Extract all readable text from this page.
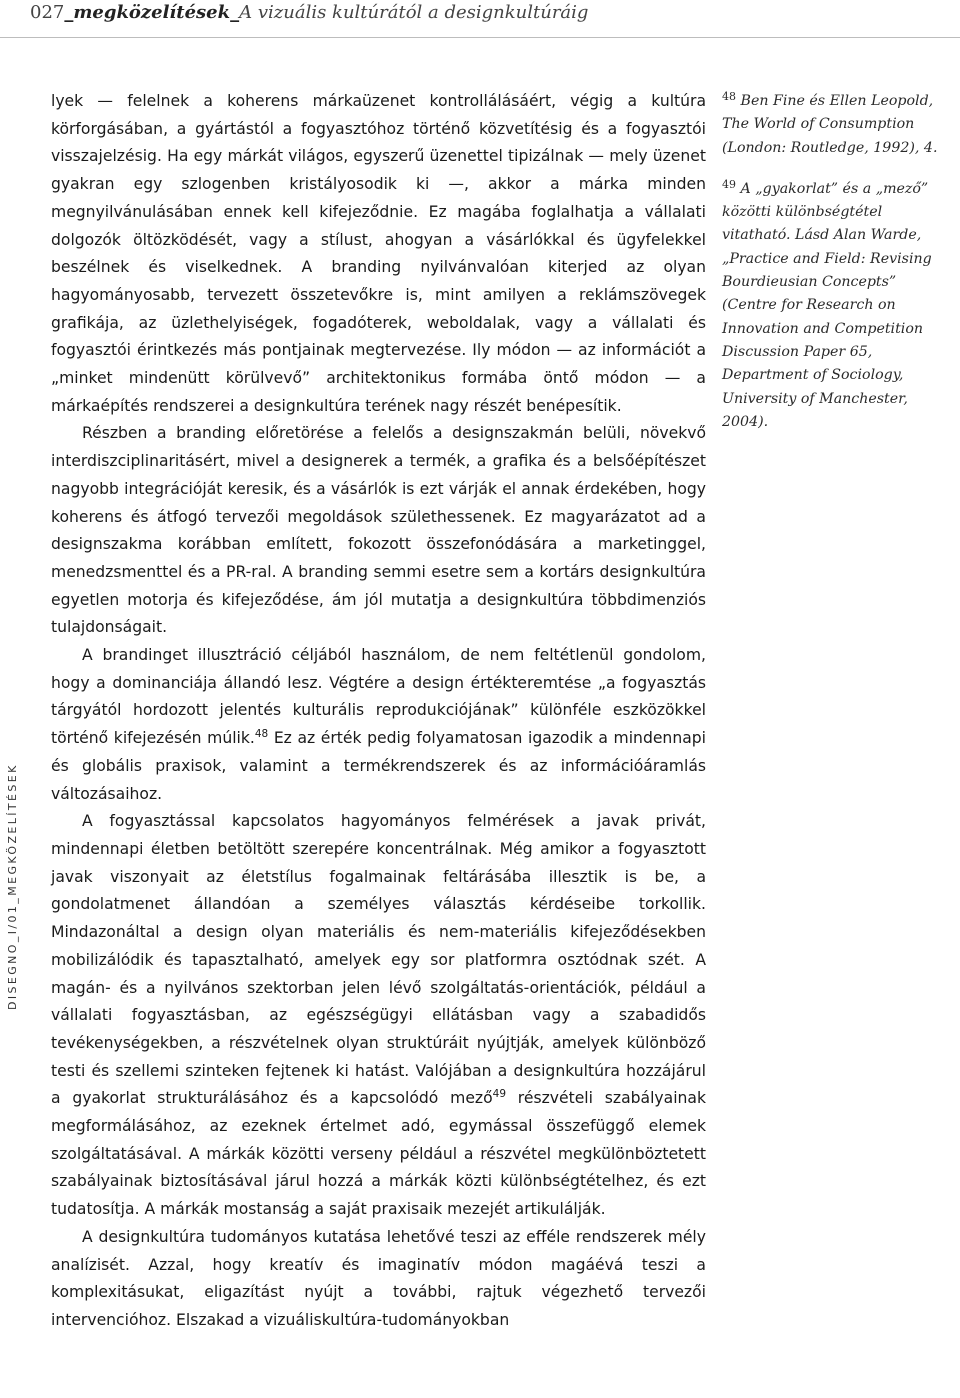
027_megközelítések_A vizuális kultúrától a designkultúráig
DISEGNO_I/01_MEGKÖZELÍTÉSEK

lyek — felelnek a koherens márkaüzenet kontrollálásáért, végig a kultúra körforgásában, a gyártástól a fogyasztóhoz történő közvetítésig és a fogyasztói visszajelzésig. Ha egy márkát világos, egyszerű üzenettel tipizálnak — mely üzenet gyakran egy szlogenben kristályosodik ki —, akkor a márka minden megnyilvánulásában ennek kell kifejeződnie. Ez magába foglalhatja a vállalati dolgozók öltözködését, vagy a stílust, ahogyan a vásárlókkal és ügyfelekkel beszélnek és viselkednek. A branding nyilvánvalóan kiterjed az olyan hagyományosabb, tervezett összetevőkre is, mint amilyen a reklámszövegek grafikája, az üzlethelyiségek, fogadóterek, weboldalak, vagy a vállalati és fogyasztói érintkezés más pontjainak megtervezése. Ily módon — az információt a „minket mindenütt körülvevő” architektonikus formába öntő módon — a márkaépítés rendszerei a designkultúra terének nagy részét benépesítik.

Részben a branding előretörése a felelős a designszakmán belüli, növekvő interdiszciplinaritásért, mivel a designerek a termék, a grafika és a belsőépítészet nagyobb integrációját keresik, és a vásárlók is ezt várják el annak érdekében, hogy koherens és átfogó tervezői megoldások születhessenek. Ez magyarázatot ad a designszakma korábban említett, fokozott összefonódására a marketinggel, menedzsmenttel és a PR-ral. A branding semmi esetre sem a kortárs designkultúra egyetlen motorja és kifejeződése, ám jól mutatja a designkultúra többdimenziós tulajdonságait.

A brandinget illusztráció céljából használom, de nem feltétlenül gondolom, hogy a dominanciája állandó lesz. Végtére a design értékteremtése „a fogyasztás tárgyától hordozott jelentés kulturális reprodukciójának” különféle eszközökkel történő kifejezésén múlik.$^{48}$ Ez az érték pedig folyamatosan igazodik a mindennapi és globális praxisok, valamint a termékrendszerek és az információáramlás változásaihoz.

A fogyasztással kapcsolatos hagyományos felmérések a javak privát, mindennapi életben betöltött szerepére koncentrálnak. Még amikor a fogyasztott javak viszonyait az életstílus fogalmainak feltárásába illesztik is be, a gondolatmenet állandóan a személyes választás kérdéseibe torkollik. Mindazonáltal a design olyan materiális és nem-materiális kifejeződésekben mobilizálódik és tapasztalható, amelyek egy sor platformra osztódnak szét. A magán- és a nyilvános szektorban jelen lévő szolgáltatás-orientációk, például a vállalati fogyasztásban, az egészségügyi ellátásban vagy a szabadidős tevékenységekben, a részvételnek olyan struktúráit nyújtják, amelyek különböző testi és szellemi szinteken fejtenek ki hatást. Valójában a designkultúra hozzájárul a gyakorlat strukturálásához és a kapcsolódó mező$^{49}$ részvételi szabályainak megformálásához, az ezeknek értelmet adó, egymással összefüggő elemek szolgáltatásával. A márkák közötti verseny például a részvétel megkülönböztetett szabályainak biztosításával járul hozzá a márkák közti különbségtételhez, és ezt tudatosítja. A márkák mostanság a saját praxisaik mezejét artikulálják.

A designkultúra tudományos kutatása lehetővé teszi az efféle rendszerek mély analízisét. Azzal, hogy kreatív és imaginatív módon magáévá teszi a komplexitásukat, eligazítást nyújt a további, rajtuk végezhető tervezői intervencióhoz. Elszakad a vizuáliskultúra-tudományokban

$^{48}$ Ben Fine és Ellen Leopold, The World of Consumption (London: Routledge, 1992), 4.

$^{49}$ A „gyakorlat” és a „mező” közötti különbségtétel vitatható. Lásd Alan Warde, „Practice and Field: Revising Bourdieusian Concepts” (Centre for Research on Innovation and Competition Discussion Paper 65, Department of Sociology, University of Manchester, 2004).
